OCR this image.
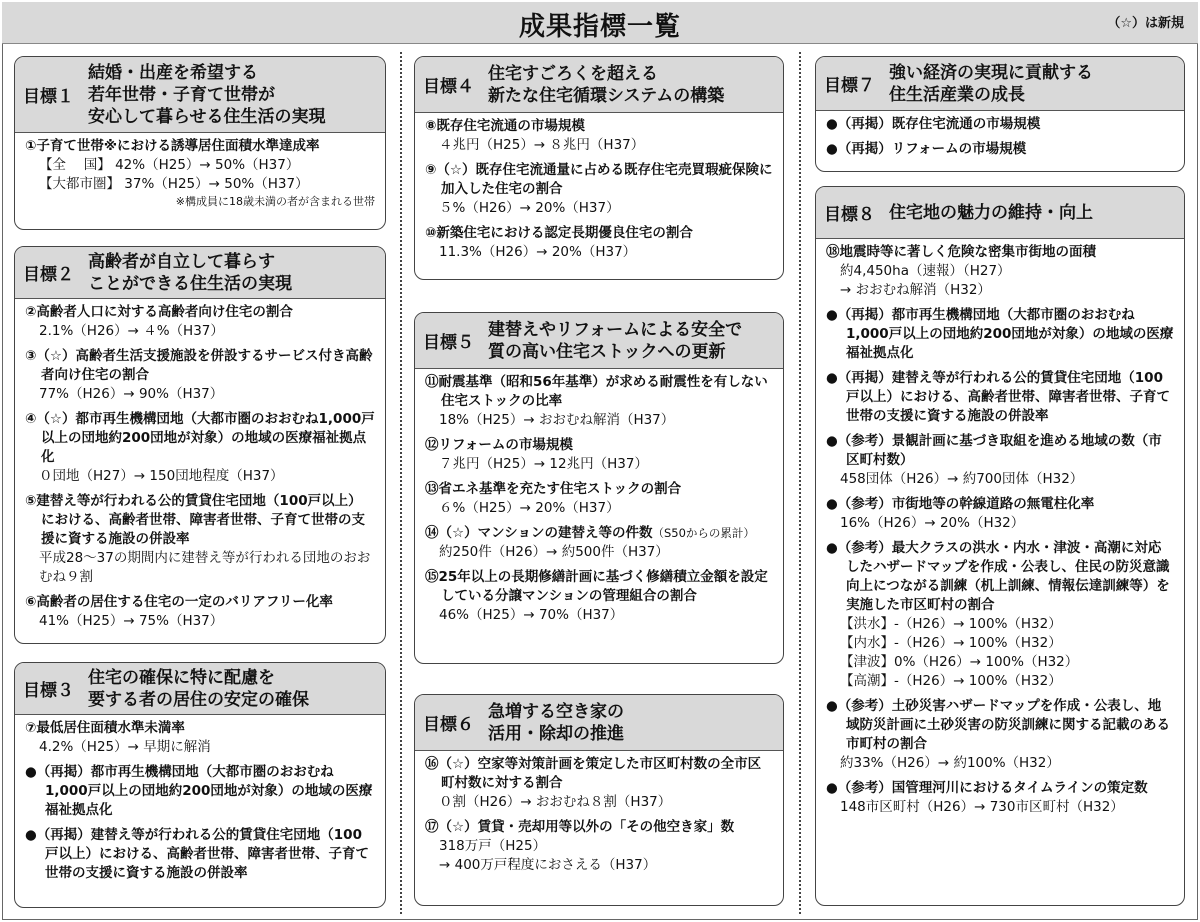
成果指標一覧	（☆）は新規
目標１
結婚・出産を希望する
若年世帯・子育て世帯が
安心して暮らせる住生活の実現
①子育て世帯※における誘導居住面積水準達成率
【全　 国】 42%（H25）→ 50%（H37）
【大都市圏】 37%（H25）→ 50%（H37）
※構成員に18歳未満の者が含まれる世帯
目標２
高齢者が自立して暮らす
ことができる住生活の実現
②高齢者人口に対する高齢者向け住宅の割合
2.1%（H26）→ ４%（H37）
③（☆）高齢者生活支援施設を併設するサービス付き高齢者向け住宅の割合
77%（H26）→ 90%（H37）
④（☆）都市再生機構団地（大都市圏のおおむね1,000戸以上の団地約200団地が対象）の地域の医療福祉拠点化
０団地（H27）→ 150団地程度（H37）
⑤建替え等が行われる公的賃貸住宅団地（100戸以上）における、高齢者世帯、障害者世帯、子育て世帯の支援に資する施設の併設率
平成28～37の期間内に建替え等が行われる団地のおおむね９割
⑥高齢者の居住する住宅の一定のバリアフリー化率
41%（H25）→ 75%（H37）
目標３
住宅の確保に特に配慮を
要する者の居住の安定の確保
⑦最低居住面積水準未満率
4.2%（H25）→ 早期に解消
●（再掲）都市再生機構団地（大都市圏のおおむね1,000戸以上の団地約200団地が対象）の地域の医療福祉拠点化
●（再掲）建替え等が行われる公的賃貸住宅団地（100戸以上）における、高齢者世帯、障害者世帯、子育て世帯の支援に資する施設の併設率
目標４
住宅すごろくを超える
新たな住宅循環システムの構築
⑧既存住宅流通の市場規模
４兆円（H25）→ ８兆円（H37）
⑨（☆）既存住宅流通量に占める既存住宅売買瑕疵保険に加入した住宅の割合
５%（H26）→ 20%（H37）
⑩新築住宅における認定長期優良住宅の割合
11.3%（H26）→ 20%（H37）
目標５
建替えやリフォームによる安全で
質の高い住宅ストックへの更新
⑪耐震基準（昭和56年基準）が求める耐震性を有しない住宅ストックの比率
18%（H25）→ おおむね解消（H37）
⑫リフォームの市場規模
７兆円（H25）→ 12兆円（H37）
⑬省エネ基準を充たす住宅ストックの割合
６%（H25）→ 20%（H37）
⑭（☆）マンションの建替え等の件数（S50からの累計）
約250件（H26）→ 約500件（H37）
⑮25年以上の長期修繕計画に基づく修繕積立金額を設定している分譲マンションの管理組合の割合
46%（H25）→ 70%（H37）
目標６
急増する空き家の
活用・除却の推進
⑯（☆）空家等対策計画を策定した市区町村数の全市区町村数に対する割合
０割（H26）→ おおむね８割（H37）
⑰（☆）賃貸・売却用等以外の「その他空き家」数
318万戸（H25）
→ 400万戸程度におさえる（H37）
目標７
強い経済の実現に貢献する
住生活産業の成長
●（再掲）既存住宅流通の市場規模
●（再掲）リフォームの市場規模
目標８ 住宅地の魅力の維持・向上
⑱地震時等に著しく危険な密集市街地の面積
約4,450ha（速報）（H27）
→ おおむね解消（H32）
●（再掲）都市再生機構団地（大都市圏のおおむね1,000戸以上の団地約200団地が対象）の地域の医療福祉拠点化
●（再掲）建替え等が行われる公的賃貸住宅団地（100戸以上）における、高齢者世帯、障害者世帯、子育て世帯の支援に資する施設の併設率
●（参考）景観計画に基づき取組を進める地域の数（市区町村数）
458団体（H26）→ 約700団体（H32）
●（参考）市街地等の幹線道路の無電柱化率
16%（H26）→ 20%（H32）
●（参考）最大クラスの洪水・内水・津波・高潮に対応したハザードマップを作成・公表し、住民の防災意識向上につながる訓練（机上訓練、情報伝達訓練等）を実施した市区町村の割合
【洪水】-（H26）→ 100%（H32）
【内水】-（H26）→ 100%（H32）
【津波】0%（H26）→ 100%（H32）
【高潮】-（H26）→ 100%（H32）
●（参考）土砂災害ハザードマップを作成・公表し、地域防災計画に土砂災害の防災訓練に関する記載のある市町村の割合
約33%（H26）→ 約100%（H32）
●（参考）国管理河川におけるタイムラインの策定数
148市区町村（H26）→ 730市区町村（H32）
